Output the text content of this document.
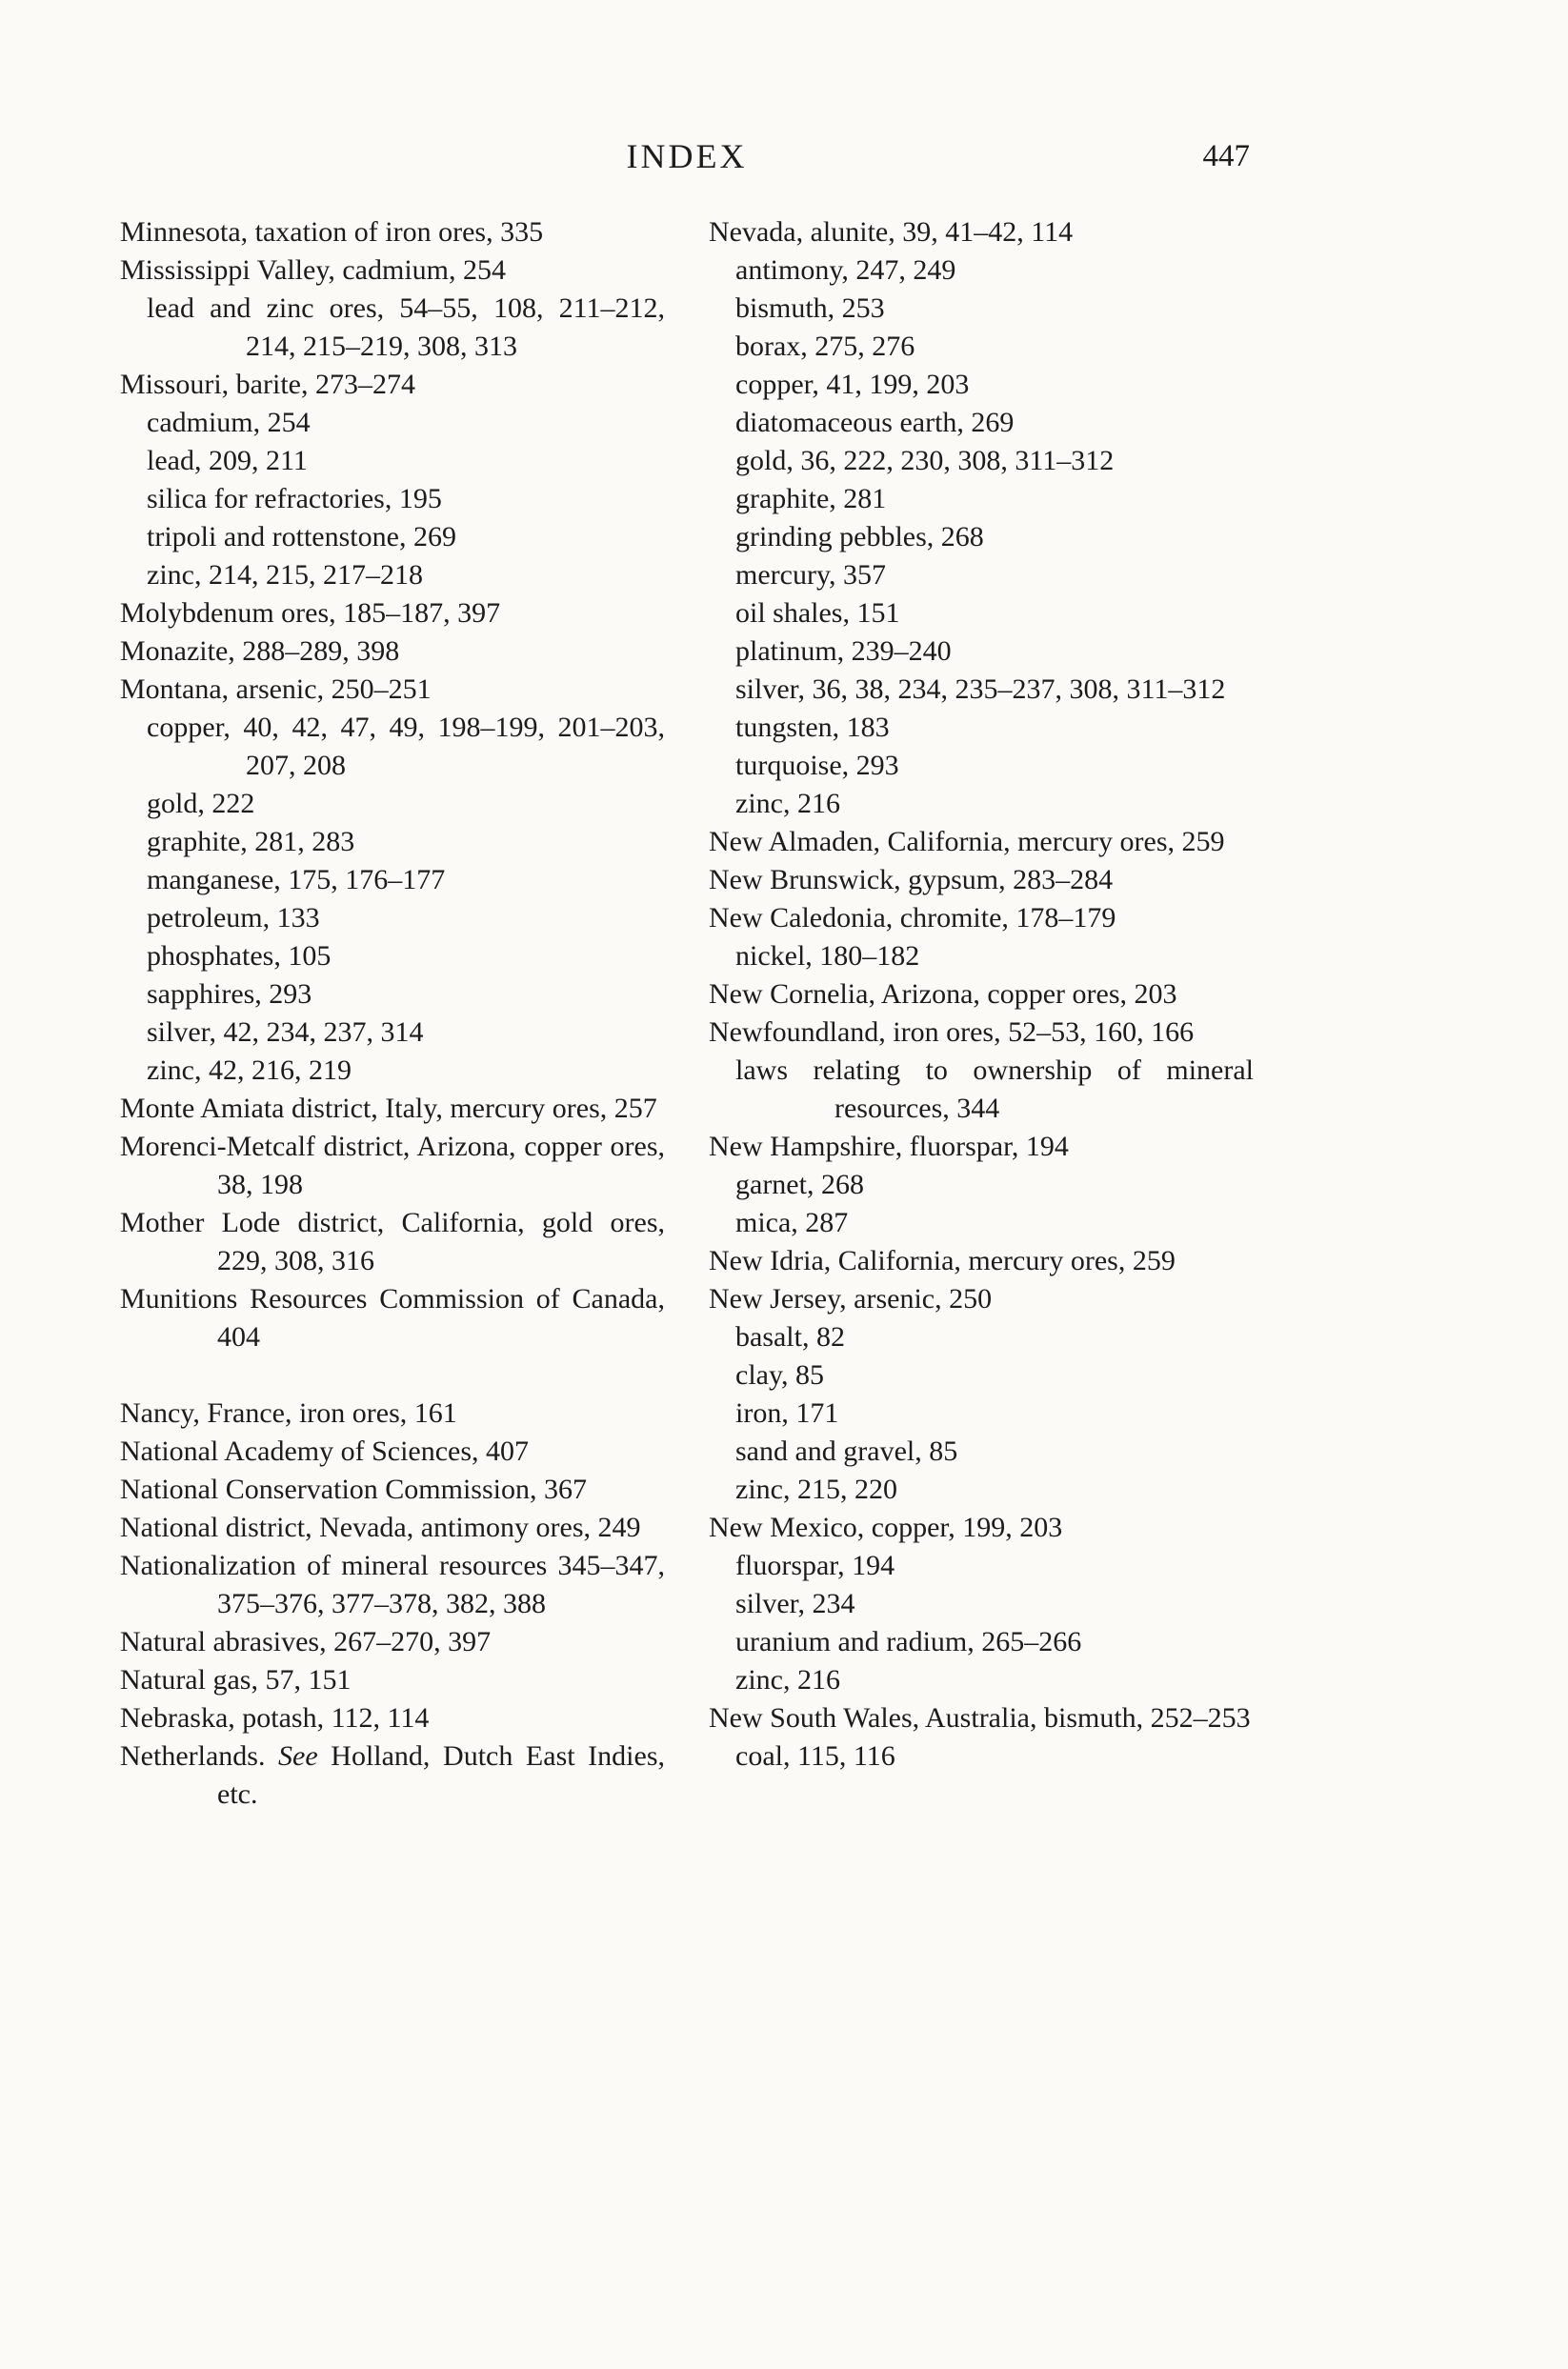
INDEX	447

Minnesota, taxation of iron ores, 335

Mississippi Valley, cadmium, 254

lead and zinc ores, 54–55, 108, 211–212, 214, 215–219, 308, 313

Missouri, barite, 273–274

cadmium, 254

lead, 209, 211

silica for refractories, 195

tripoli and rottenstone, 269

zinc, 214, 215, 217–218

Molybdenum ores, 185–187, 397

Monazite, 288–289, 398

Montana, arsenic, 250–251

copper, 40, 42, 47, 49, 198–199, 201–203, 207, 208

gold, 222

graphite, 281, 283

manganese, 175, 176–177

petroleum, 133

phosphates, 105

sapphires, 293

silver, 42, 234, 237, 314

zinc, 42, 216, 219

Monte Amiata district, Italy, mercury ores, 257

Morenci-Metcalf district, Arizona, copper ores, 38, 198

Mother Lode district, California, gold ores, 229, 308, 316

Munitions Resources Commission of Canada, 404

Nancy, France, iron ores, 161

National Academy of Sciences, 407

National Conservation Commission, 367

National district, Nevada, antimony ores, 249

Nationalization of mineral resources 345–347, 375–376, 377–378, 382, 388

Natural abrasives, 267–270, 397

Natural gas, 57, 151

Nebraska, potash, 112, 114

Netherlands. See Holland, Dutch East Indies, etc.

Nevada, alunite, 39, 41–42, 114

antimony, 247, 249

bismuth, 253

borax, 275, 276

copper, 41, 199, 203

diatomaceous earth, 269

gold, 36, 222, 230, 308, 311–312

graphite, 281

grinding pebbles, 268

mercury, 357

oil shales, 151

platinum, 239–240

silver, 36, 38, 234, 235–237, 308, 311–312

tungsten, 183

turquoise, 293

zinc, 216

New Almaden, California, mercury ores, 259

New Brunswick, gypsum, 283–284

New Caledonia, chromite, 178–179

nickel, 180–182

New Cornelia, Arizona, copper ores, 203

Newfoundland, iron ores, 52–53, 160, 166

laws relating to ownership of mineral resources, 344

New Hampshire, fluorspar, 194

garnet, 268

mica, 287

New Idria, California, mercury ores, 259

New Jersey, arsenic, 250

basalt, 82

clay, 85

iron, 171

sand and gravel, 85

zinc, 215, 220

New Mexico, copper, 199, 203

fluorspar, 194

silver, 234

uranium and radium, 265–266

zinc, 216

New South Wales, Australia, bismuth, 252–253

coal, 115, 116
